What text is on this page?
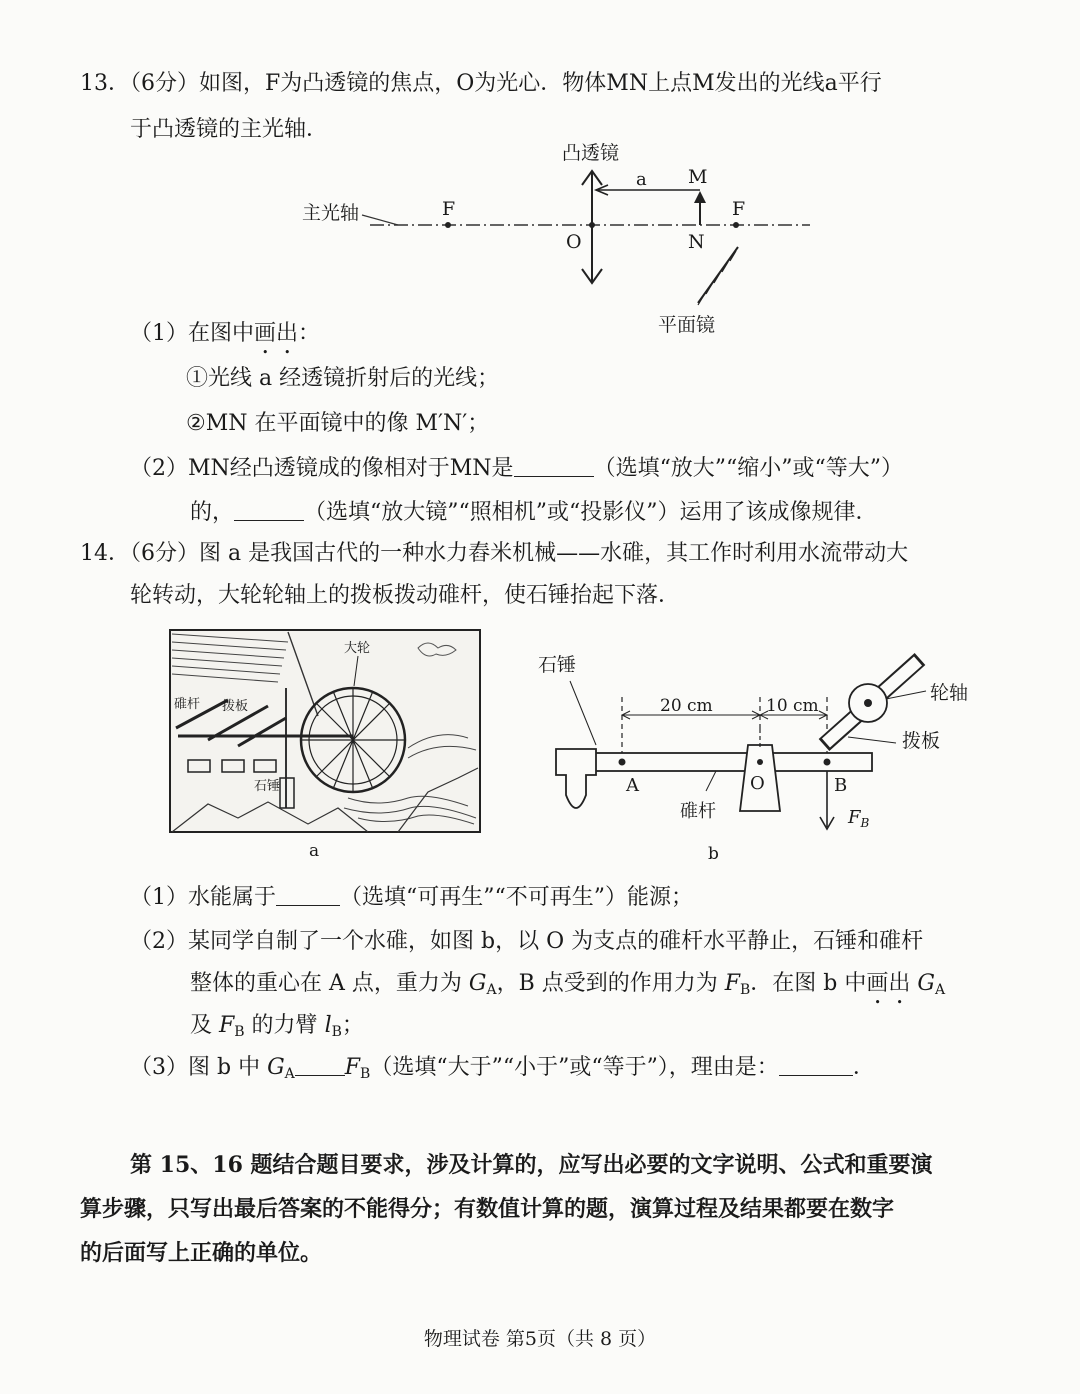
13．（6分）如图，F为凸透镜的焦点，O为光心．物体MN上点M发出的光线a平行
于凸透镜的主光轴．
凸透镜
主光轴	F	F
O
a M
N
平面镜
（1）在图中画出：
①光线 a 经透镜折射后的光线；
②MN 在平面镜中的像 M′N′；
（2）MN经凸透镜成的像相对于MN是	（选填“放大”“缩小”或“等大”）
的，	（选填“放大镜”“照相机”或“投影仪”）运用了该成像规律．
14．（6分）图 a 是我国古代的一种水力舂米机械——水碓，其工作时利用水流带动大
轮转动，大轮轮轴上的拨板拨动碓杆，使石锤抬起下落．
大轮
碓杆 拨板
石锤
a
石锤
O
A	B
20 cm	10 cm
$F_B$
碓杆
轮轴
拨板
b
（1）水能属于	（选填“可再生”“不可再生”）能源；
（2）某同学自制了一个水碓，如图 b，以 O 为支点的碓杆水平静止，石锤和碓杆
整体的重心在 A 点，重力为 $G_A$，B 点受到的作用力为 $F_B$．在图 b 中画出 $G_A$
及 $F_B$ 的力臂 $l_B$；
（3）图 b 中 $G_A$ $F_B$（选填“大于”“小于”或“等于”），理由是：	．
第 15、16 题结合题目要求，涉及计算的，应写出必要的文字说明、公式和重要演
算步骤，只写出最后答案的不能得分；有数值计算的题，演算过程及结果都要在数字
的后面写上正确的单位。
物理试卷 第5页（共 8 页）
